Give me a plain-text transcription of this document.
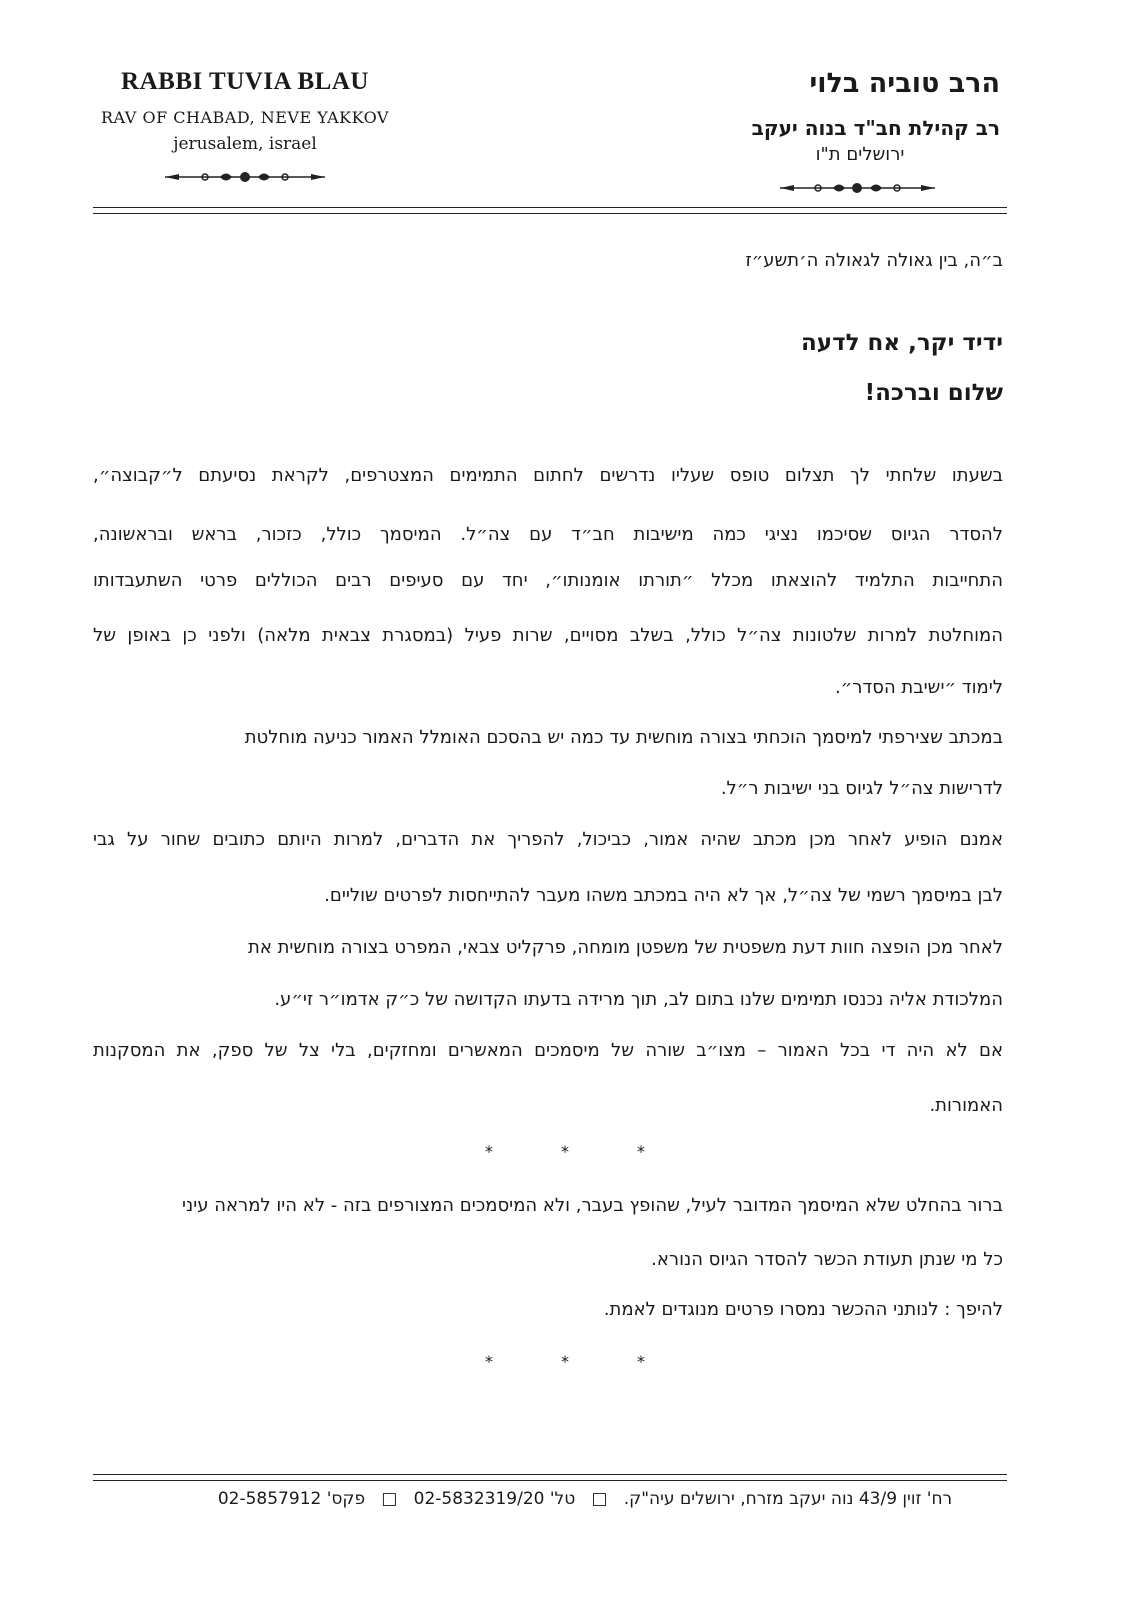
RABBI TUVIA BLAU
RAV OF CHABAD, NEVE YAKKOV
jerusalem, israel
הרב טוביה בלוי
רב קהילת חב"ד בנוה יעקב
ירושלים ת"ו
ב״ה, בין גאולה לגאולה ה׳תשע״ז
ידיד יקר, אח לדעה
שלום וברכה!
בשעתו שלחתי לך תצלום טופס שעליו נדרשים לחתום התמימים המצטרפים, לקראת נסיעתם ל״קבוצה״,
להסדר הגיוס שסיכמו נציגי כמה מישיבות חב״ד עם צה״ל. המיסמך כולל, כזכור, בראש ובראשונה,
התחייבות התלמיד להוצאתו מכלל ״תורתו אומנותו״, יחד עם סעיפים רבים הכוללים פרטי השתעבדותו
המוחלטת למרות שלטונות צה״ל כולל, בשלב מסויים, שרות פעיל (במסגרת צבאית מלאה) ולפני כן באופן של
לימוד ״ישיבת הסדר״.
במכתב שצירפתי למיסמך הוכחתי בצורה מוחשית עד כמה יש בהסכם האומלל האמור כניעה מוחלטת
לדרישות צה״ל לגיוס בני ישיבות ר״ל.
אמנם הופיע לאחר מכן מכתב שהיה אמור, כביכול, להפריך את הדברים, למרות היותם כתובים שחור על גבי
לבן במיסמך רשמי של צה״ל, אך לא היה במכתב משהו מעבר להתייחסות לפרטים שוליים.
לאחר מכן הופצה חוות דעת משפטית של משפטן מומחה, פרקליט צבאי, המפרט בצורה מוחשית את
המלכודת אליה נכנסו תמימים שלנו בתום לב, תוך מרידה בדעתו הקדושה של כ״ק אדמו״ר זי״ע.
אם לא היה די בכל האמור – מצו״ב שורה של מיסמכים המאשרים ומחזקים, בלי צל של ספק, את המסקנות
האמורות.
*	*	*
ברור בהחלט שלא המיסמך המדובר לעיל, שהופץ בעבר, ולא המיסמכים המצורפים בזה - לא היו למראה עיני
כל מי שנתן תעודת הכשר להסדר הגיוס הנורא.
להיפך : לנותני ההכשר נמסרו פרטים מנוגדים לאמת.
*	*	*
רח' זוין 43/9 נוה יעקב מזרח, ירושלים עיה"ק.   □   טל' 02-5832319/20   □   פקס' 02-5857912
